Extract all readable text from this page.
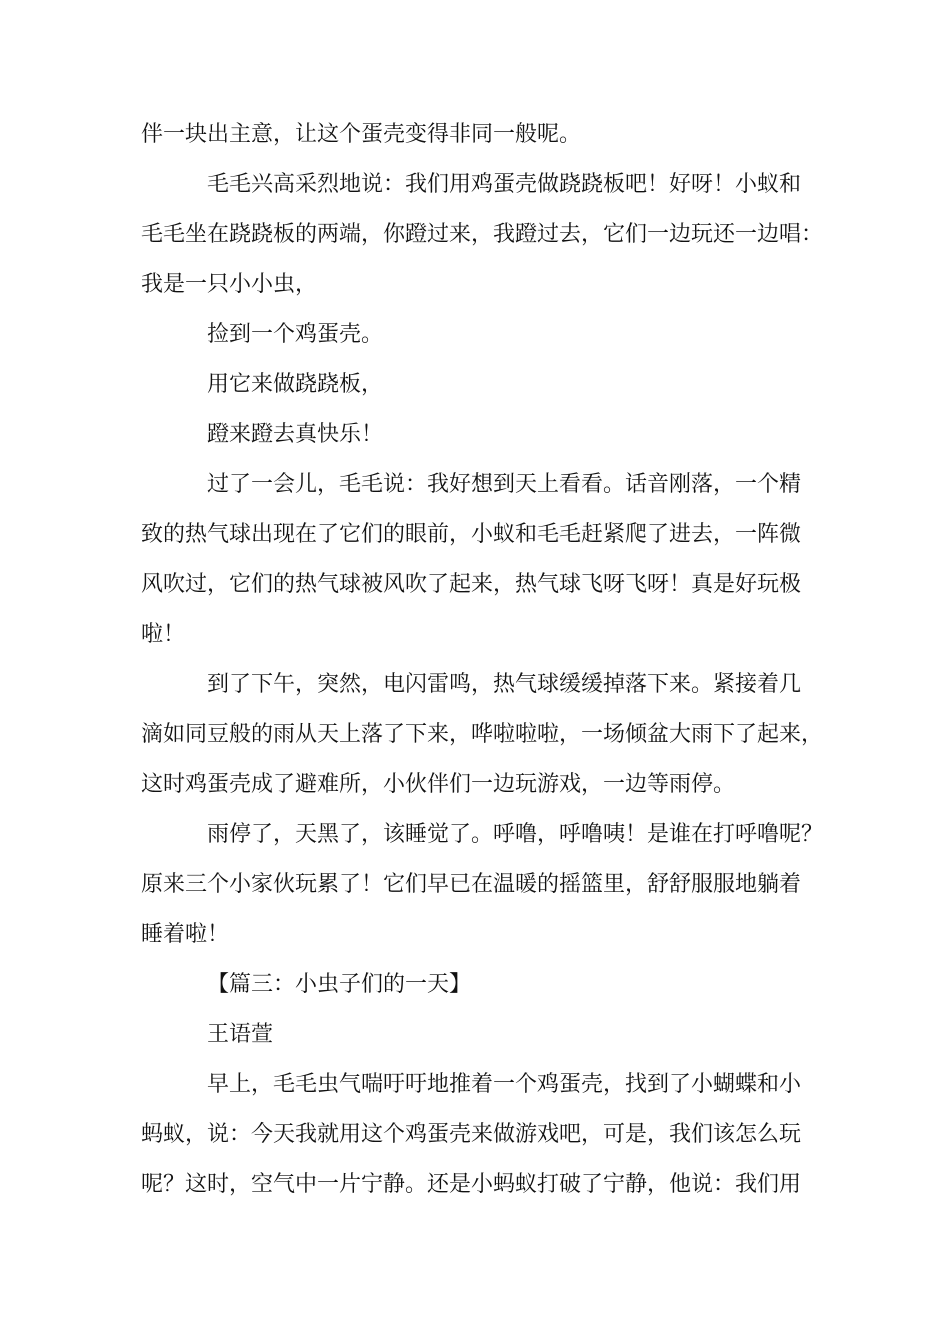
伴一块出主意，让这个蛋壳变得非同一般呢。
毛毛兴高采烈地说：我们用鸡蛋壳做跷跷板吧！好呀！小蚁和
毛毛坐在跷跷板的两端，你蹬过来，我蹬过去，它们一边玩还一边唱：
我是一只小小虫，
捡到一个鸡蛋壳。
用它来做跷跷板，
蹬来蹬去真快乐！
过了一会儿，毛毛说：我好想到天上看看。话音刚落，一个精
致的热气球出现在了它们的眼前，小蚁和毛毛赶紧爬了进去，一阵微
风吹过，它们的热气球被风吹了起来，热气球飞呀飞呀！真是好玩极
啦！
到了下午，突然，电闪雷鸣，热气球缓缓掉落下来。紧接着几
滴如同豆般的雨从天上落了下来，哗啦啦啦，一场倾盆大雨下了起来，
这时鸡蛋壳成了避难所，小伙伴们一边玩游戏，一边等雨停。
雨停了，天黑了，该睡觉了。呼噜，呼噜咦！是谁在打呼噜呢？
原来三个小家伙玩累了！它们早已在温暖的摇篮里，舒舒服服地躺着
睡着啦！
【篇三：小虫子们的一天】
王语萱
早上，毛毛虫气喘吁吁地推着一个鸡蛋壳，找到了小蝴蝶和小
蚂蚁，说：今天我就用这个鸡蛋壳来做游戏吧，可是，我们该怎么玩
呢？这时，空气中一片宁静。还是小蚂蚁打破了宁静，他说：我们用
